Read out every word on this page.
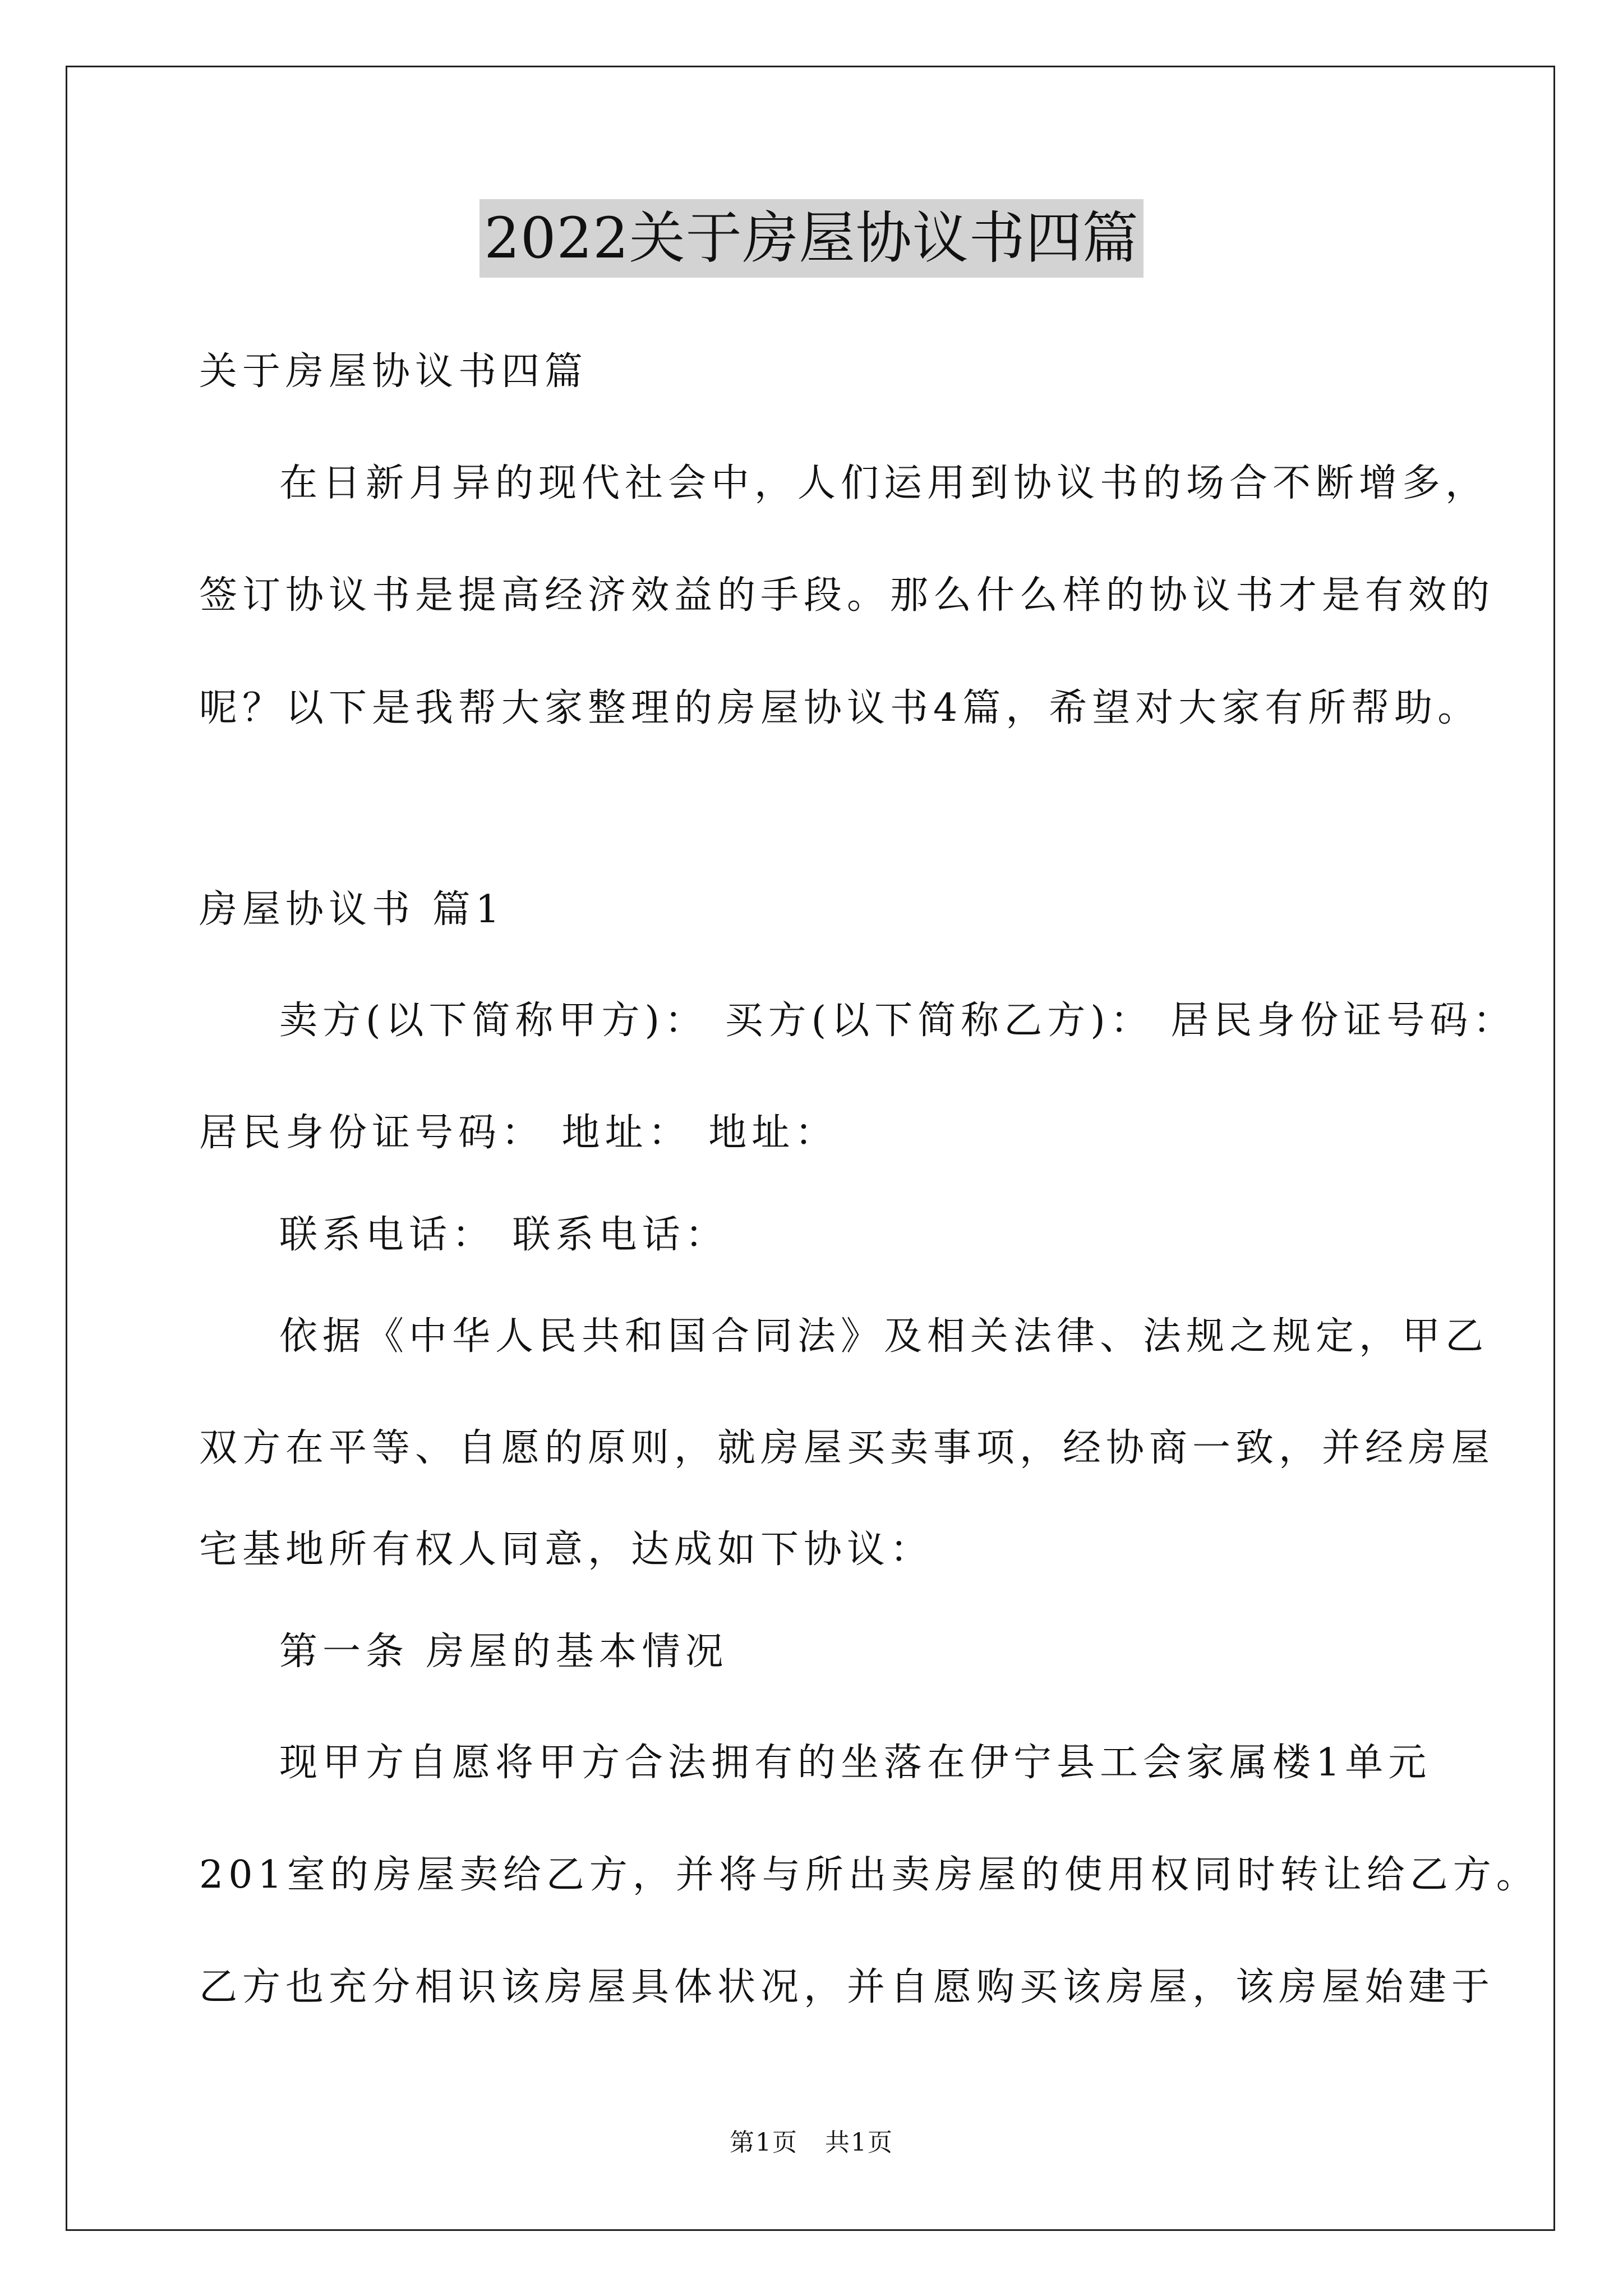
2022关于房屋协议书四篇
关于房屋协议书四篇
在日新月异的现代社会中，人们运用到协议书的场合不断增多，
签订协议书是提高经济效益的手段。那么什么样的协议书才是有效的
呢？以下是我帮大家整理的房屋协议书4篇，希望对大家有所帮助。
房屋协议书 篇1
卖方(以下简称甲方)： 买方(以下简称乙方)： 居民身份证号码：
居民身份证号码： 地址： 地址：
联系电话： 联系电话：
依据《中华人民共和国合同法》及相关法律、法规之规定，甲乙
双方在平等、自愿的原则，就房屋买卖事项，经协商一致，并经房屋
宅基地所有权人同意，达成如下协议：
第一条 房屋的基本情况
现甲方自愿将甲方合法拥有的坐落在伊宁县工会家属楼1单元
201室的房屋卖给乙方，并将与所出卖房屋的使用权同时转让给乙方。
乙方也充分相识该房屋具体状况，并自愿购买该房屋，该房屋始建于
第1页   共1页
